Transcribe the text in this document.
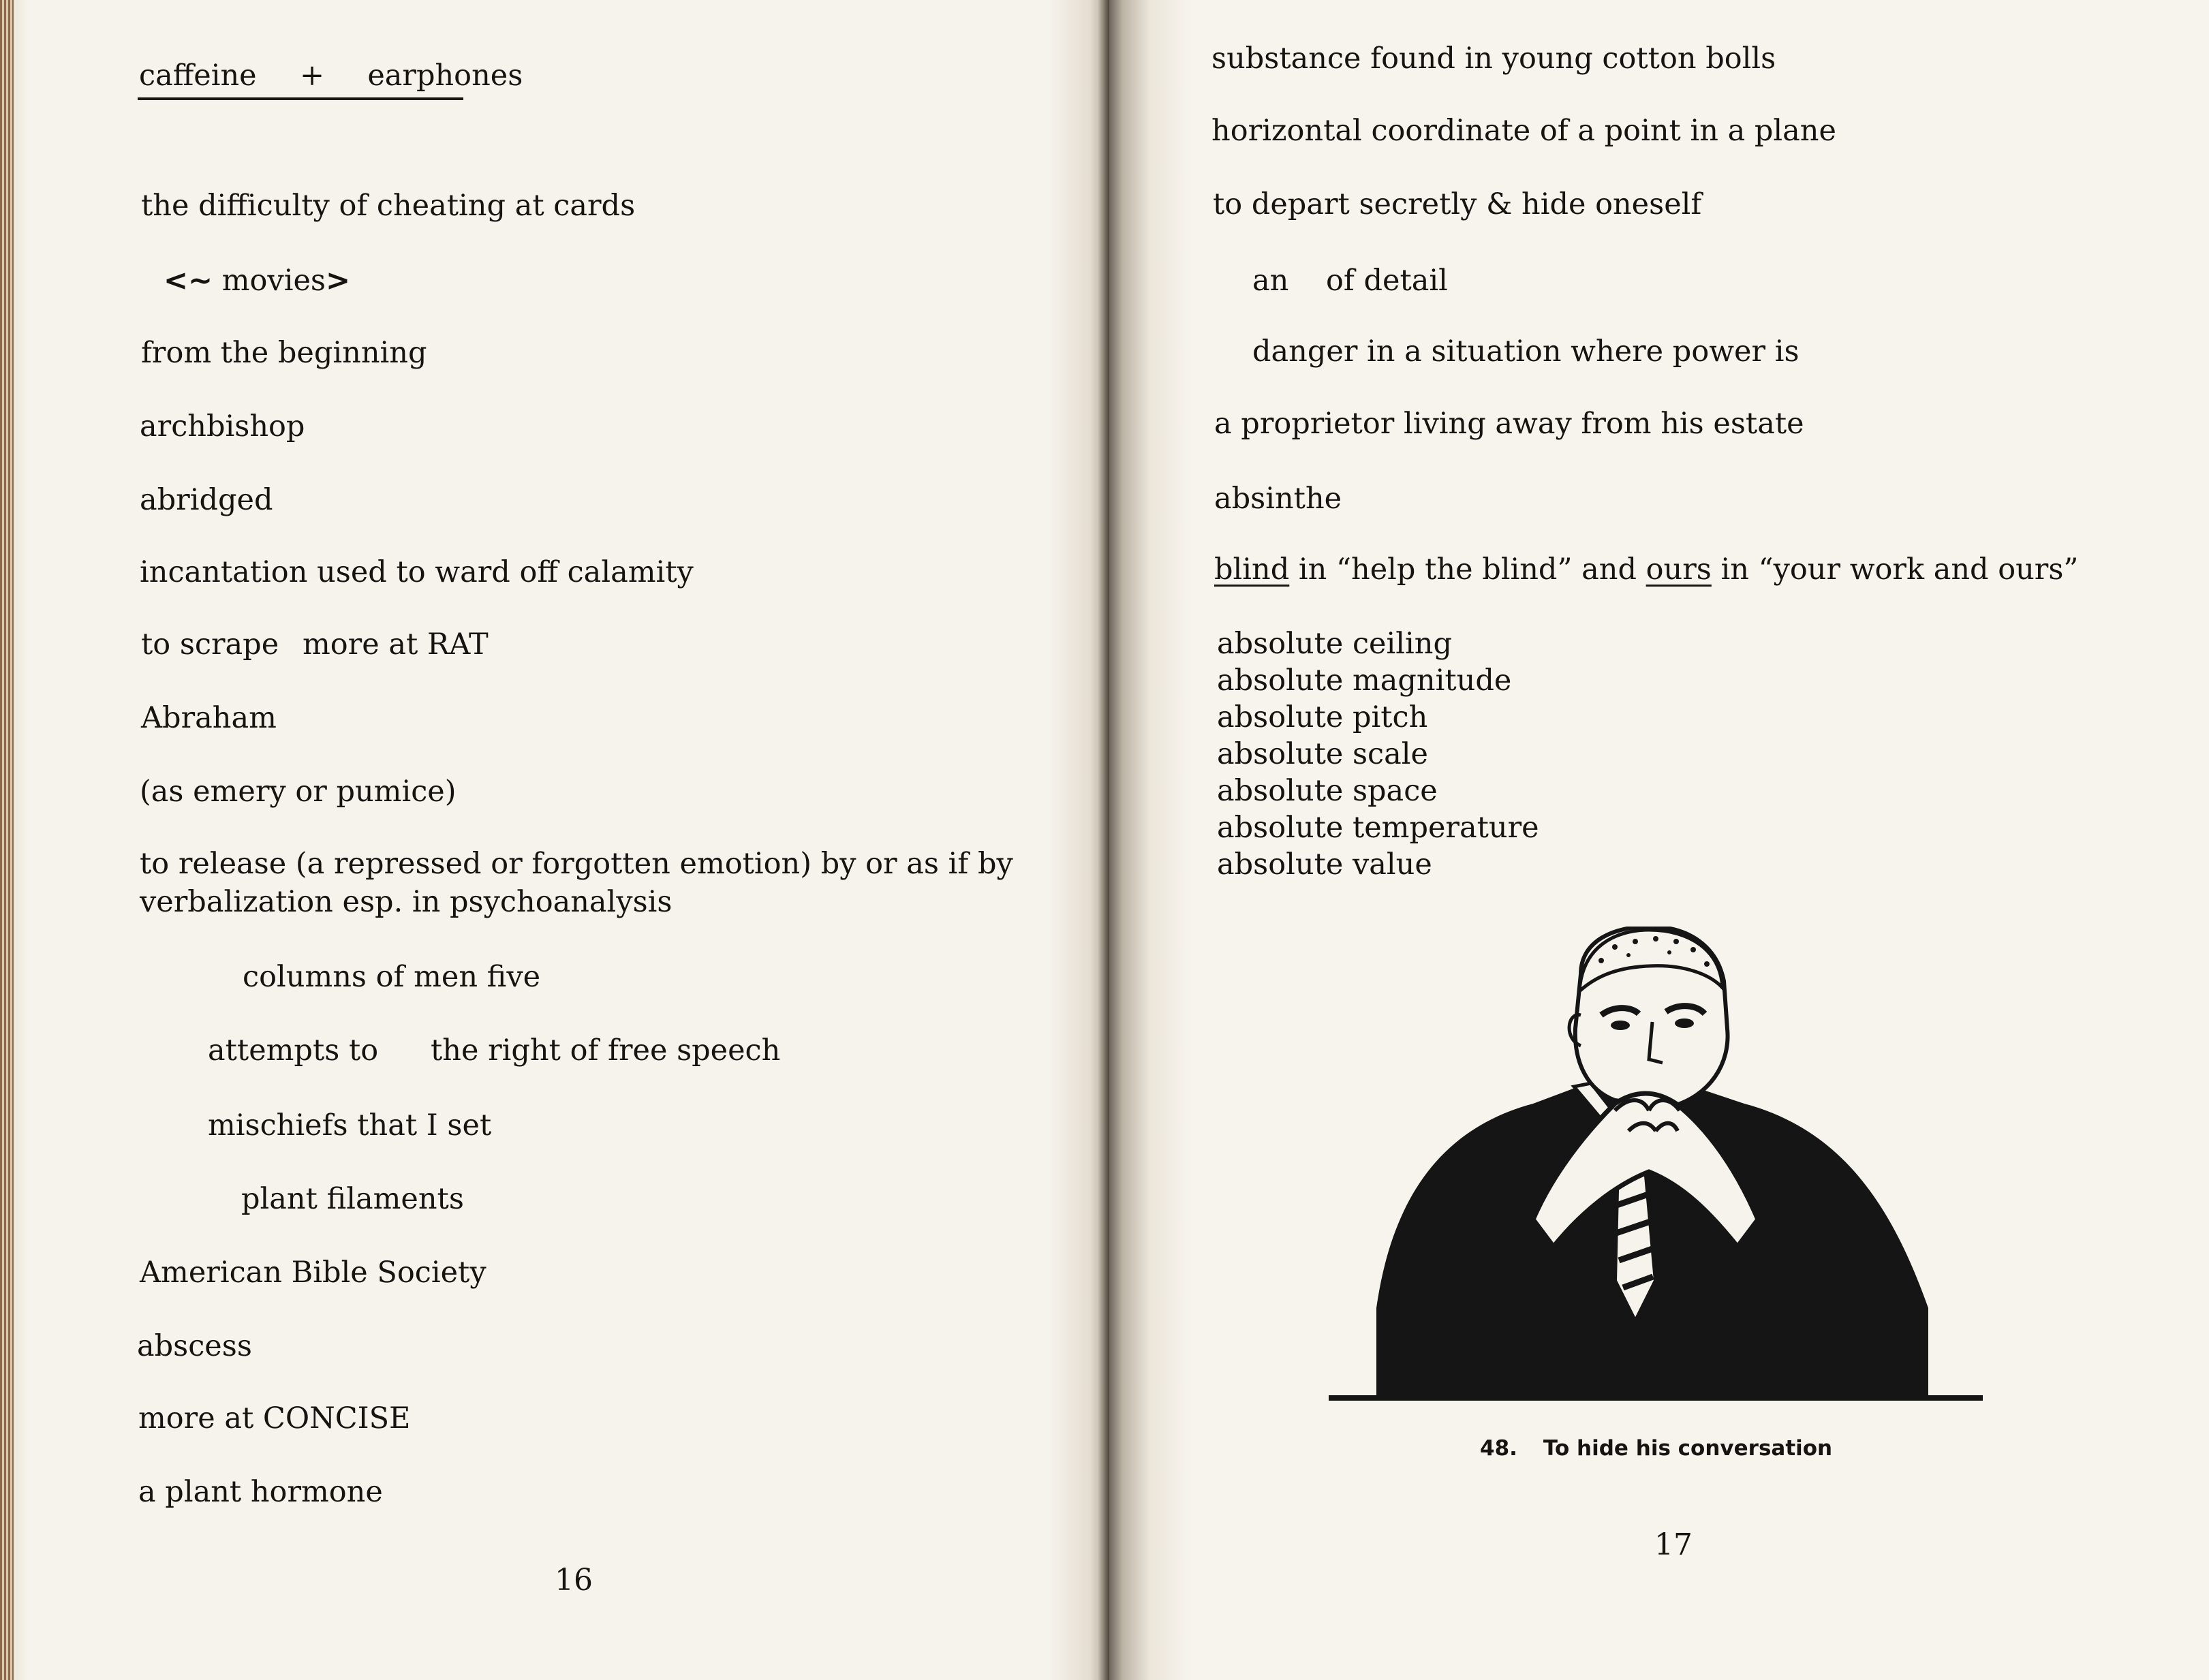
caffeine + earphones
the difficulty of cheating at cards
<~ movies>
from the beginning
archbishop
abridged
incantation used to ward off calamity
to scrape more at RAT
Abraham
(as emery or pumice)
to release (a repressed or forgotten emotion) by or as if by
verbalization esp. in psychoanalysis
columns of men five
attempts to the right of free speech
mischiefs that I set
plant filaments
American Bible Society
abscess
more at CONCISE
a plant hormone
16
substance found in young cotton bolls
horizontal coordinate of a point in a plane
to depart secretly & hide oneself
an of detail
danger in a situation where power is
a proprietor living away from his estate
absinthe
blind in “help the blind” and ours in “your work and ours”
absolute ceiling
absolute magnitude
absolute pitch
absolute scale
absolute space
absolute temperature
absolute value
48. To hide his conversation
17
